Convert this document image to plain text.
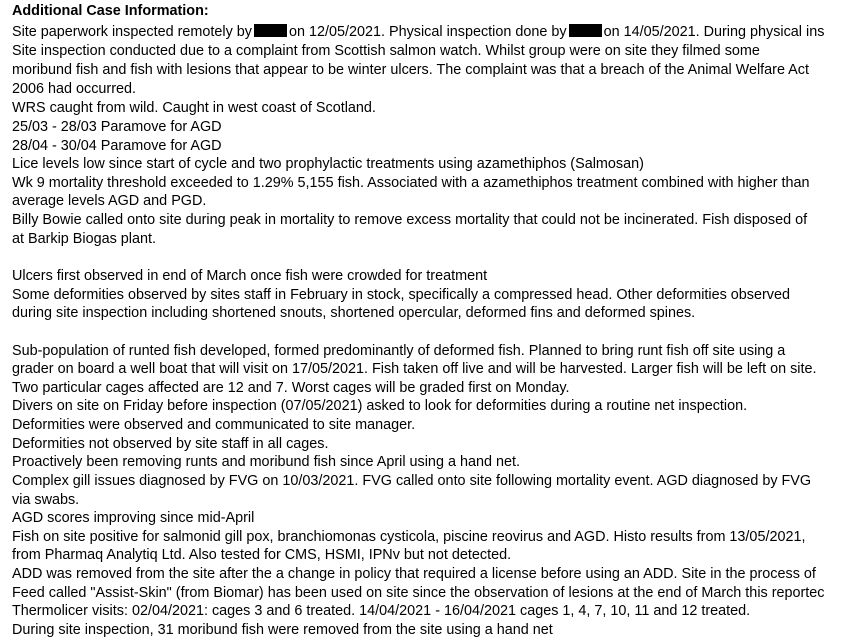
Additional Case Information:
Site paperwork inspected remotely by	on 12/05/2021. Physical inspection done by	on 14/05/2021. During physical ins
Site inspection conducted due to a complaint from Scottish salmon watch. Whilst group were on site they filmed some
moribund fish and fish with lesions that appear to be winter ulcers. The complaint was that a breach of the Animal Welfare Act
2006 had occurred.
WRS caught from wild. Caught in west coast of Scotland.
25/03 - 28/03 Paramove for AGD
28/04 - 30/04 Paramove for AGD
Lice levels low since start of cycle and two prophylactic treatments using azamethiphos (Salmosan)
Wk 9 mortality threshold exceeded to 1.29% 5,155 fish. Associated with a azamethiphos treatment combined with higher than
average levels AGD and PGD.
Billy Bowie called onto site during peak in mortality to remove excess mortality that could not be incinerated. Fish disposed of
at Barkip Biogas plant.
Ulcers first observed in end of March once fish were crowded for treatment
Some deformities observed by sites staff in February in stock, specifically a compressed head. Other deformities observed
during site inspection including shortened snouts, shortened opercular, deformed fins and deformed spines.
Sub-population of runted fish developed, formed predominantly of deformed fish. Planned to bring runt fish off site using a
grader on board a well boat that will visit on 17/05/2021. Fish taken off live and will be harvested. Larger fish will be left on site.
Two particular cages affected are 12 and 7. Worst cages will be graded first on Monday.
Divers on site on Friday before inspection (07/05/2021) asked to look for deformities during a routine net inspection.
Deformities were observed and communicated to site manager.
Deformities not observed by site staff in all cages.
Proactively been removing runts and moribund fish since April using a hand net.
Complex gill issues diagnosed by FVG on 10/03/2021. FVG called onto site following mortality event. AGD diagnosed by FVG
via swabs.
AGD scores improving since mid-April
Fish on site positive for salmonid gill pox, branchiomonas cysticola, piscine reovirus and AGD. Histo results from 13/05/2021,
from Pharmaq Analytiq Ltd. Also tested for CMS, HSMI, IPNv but not detected.
ADD was removed from the site after the a change in policy that required a license before using an ADD. Site in the process of
Feed called "Assist-Skin" (from Biomar) has been used on site since the observation of lesions at the end of March this reportec
Thermolicer visits: 02/04/2021: cages 3 and 6 treated. 14/04/2021 - 16/04/2021 cages 1, 4, 7, 10, 11 and 12 treated.
During site inspection, 31 moribund fish were removed from the site using a hand net
